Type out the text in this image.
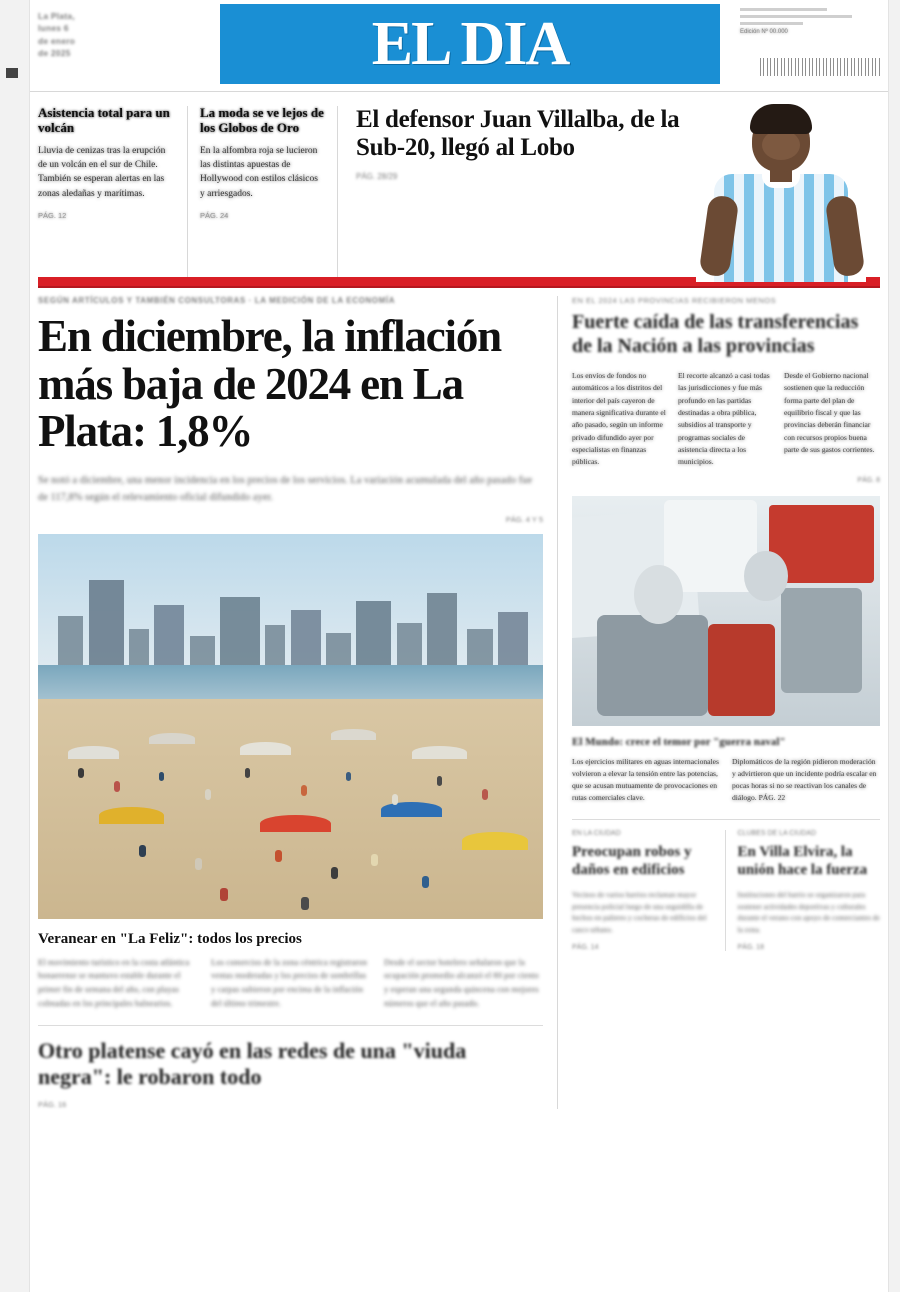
La Plata,
lunes 6
de enero
de 2025	EL DIA	Edición Nº 00.000
Asistencia total para un volcán

Lluvia de cenizas tras la erupción de un volcán en el sur de Chile. También se esperan alertas en las zonas aledañas y marítimas.

PÁG. 12
La moda se ve lejos de los Globos de Oro

En la alfombra roja se lucieron las distintas apuestas de Hollywood con estilos clásicos y arriesgados.

PÁG. 24
El defensor Juan Villalba, de la Sub-20, llegó al Lobo
PÁG. 28/29
SEGÚN ARTÍCULOS Y TAMBIÉN CONSULTORAS · LA MEDICIÓN DE LA ECONOMÍA
En diciembre, la inflación más baja de 2024 en La Plata: 1,8%

Se notó a diciembre, una menor incidencia en los precios de los servicios. La variación acumulada del año pasado fue de 117,8% según el relevamiento oficial difundido ayer.

PÁG. 4 Y 5
Veranear en "La Feliz": todos los precios
El movimiento turístico en la costa atlántica bonaerense se mantuvo estable durante el primer fin de semana del año, con playas colmadas en los principales balnearios.
Los comercios de la zona céntrica registraron ventas moderadas y los precios de sombrillas y carpas subieron por encima de la inflación del último trimestre.
Desde el sector hotelero señalaron que la ocupación promedio alcanzó el 80 por ciento y esperan una segunda quincena con mejores números que el año pasado.
Otro platense cayó en las redes de una "viuda negra": le robaron todo
PÁG. 16
EN EL 2024 LAS PROVINCIAS RECIBIERON MENOS
Fuerte caída de las transferencias de la Nación a las provincias
Los envíos de fondos no automáticos a los distritos del interior del país cayeron de manera significativa durante el año pasado, según un informe privado difundido ayer por especialistas en finanzas públicas.
El recorte alcanzó a casi todas las jurisdicciones y fue más profundo en las partidas destinadas a obra pública, subsidios al transporte y programas sociales de asistencia directa a los municipios.
Desde el Gobierno nacional sostienen que la reducción forma parte del plan de equilibrio fiscal y que las provincias deberán financiar con recursos propios buena parte de sus gastos corrientes.
PÁG. 8
El Mundo: crece el temor por "guerra naval"
Los ejercicios militares en aguas internacionales volvieron a elevar la tensión entre las potencias, que se acusan mutuamente de provocaciones en rutas comerciales clave.
Diplomáticos de la región pidieron moderación y advirtieron que un incidente podría escalar en pocas horas si no se reactivan los canales de diálogo. PÁG. 22
EN LA CIUDAD
Preocupan robos y daños en edificios
Vecinos de varios barrios reclaman mayor presencia policial luego de una seguidilla de hechos en palieres y cocheras de edificios del casco urbano.
PÁG. 14
CLUBES DE LA CIUDAD
En Villa Elvira, la unión hace la fuerza
Instituciones del barrio se organizaron para sostener actividades deportivas y culturales durante el verano con apoyo de comerciantes de la zona.
PÁG. 18
